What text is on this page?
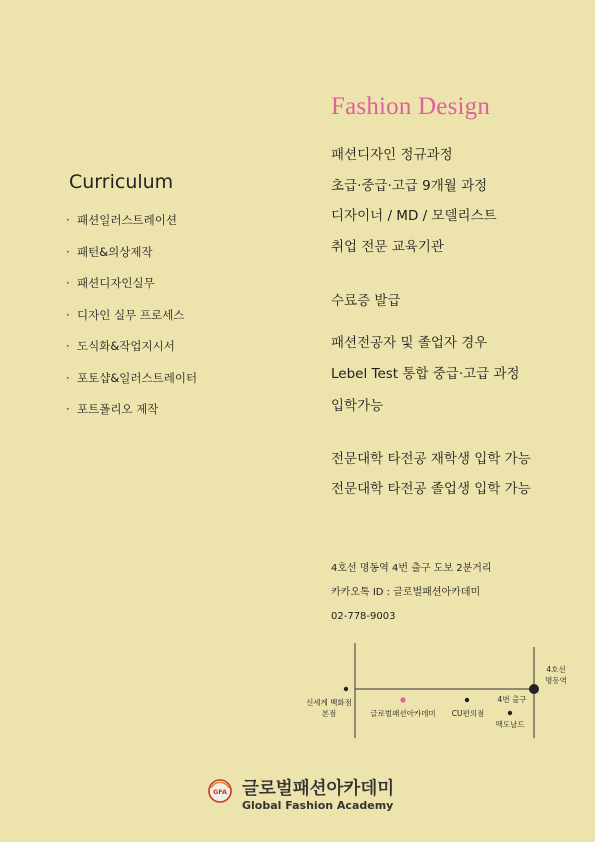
Fashion Design
Curriculum
· 패션일러스트레이션
· 패턴&의상제작
· 패션디자인실무
· 디자인 실무 프로세스
· 도식화&작업지시서
· 포토샵&일러스트레이터
· 포트폴리오 제작
패션디자인 정규과정
초급·중급·고급 9개월 과정
디자이너 / MD / 모델리스트
취업 전문 교육기관
수료증 발급
패션전공자 및 졸업자 경우
Lebel Test 통합 중급·고급 과정
입학가능
전문대학 타전공 재학생 입학 가능
전문대학 타전공 졸업생 입학 가능
4호선 명동역 4번 출구 도보 2분거리
카카오톡 ID : 글로벌패션아카데미
02-778-9003
4호선
명동역
신세계 백화점
본점	글로벌패션아카데미	CU편의점
4번 출구
맥도날드
GFA 글로벌패션아카데미
Global Fashion Academy
